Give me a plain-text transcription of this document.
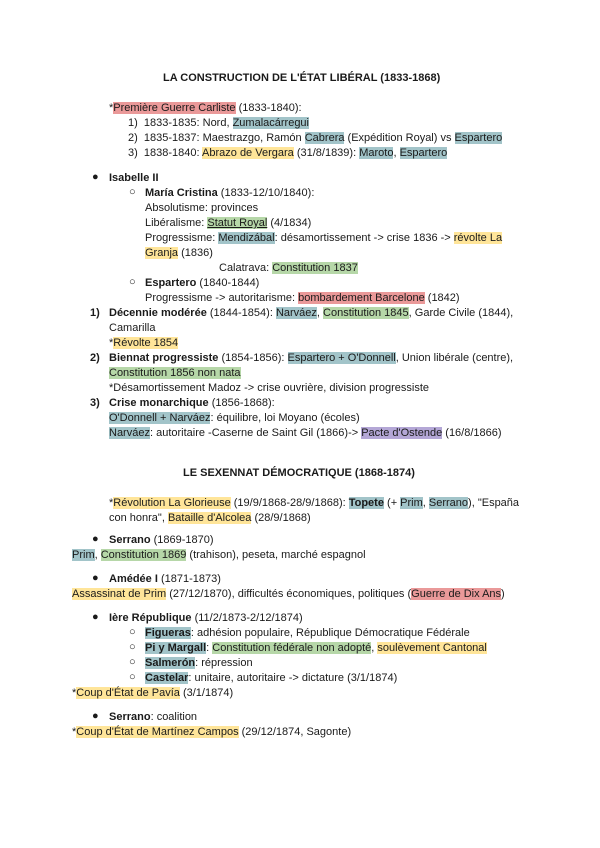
LA CONSTRUCTION DE L'ÉTAT LIBÉRAL (1833-1868)
*Première Guerre Carliste (1833-1840):
1) 1833-1835: Nord, Zumalacárregui
2) 1835-1837: Maestrazgo, Ramón Cabrera (Expédition Royal) vs Espartero
3) 1838-1840: Abrazo de Vergara (31/8/1839): Maroto, Espartero
● Isabelle II
○ María Cristina (1833-12/10/1840):
Absolutisme: provinces
Libéralisme: Statut Royal (4/1834)
Progressisme: Mendizábal: désamortissement -> crise 1836 -> révolte La
Granja (1836)
Calatrava: Constitution 1837
○ Espartero (1840-1844)
Progressisme -> autoritarisme: bombardement Barcelone (1842)
1) Décennie modérée (1844-1854): Narváez, Constitution 1845, Garde Civile (1844),
Camarilla
*Révolte 1854
2) Biennat progressiste (1854-1856): Espartero + O'Donnell, Union libérale (centre),
Constitution 1856 non nata
*Désamortissement Madoz -> crise ouvrière, division progressiste
3) Crise monarchique (1856-1868):
O'Donnell + Narváez: équilibre, loi Moyano (écoles)
Narváez: autoritaire -Caserne de Saint Gil (1866)-> Pacte d'Ostende (16/8/1866)
LE SEXENNAT DÉMOCRATIQUE (1868-1874)
*Révolution La Glorieuse (19/9/1868-28/9/1868): Topete (+ Prim, Serrano), "España
con honra", Bataille d'Alcolea (28/9/1868)
● Serrano (1869-1870)
Prim, Constitution 1869 (trahison), peseta, marché espagnol
● Amédée I (1871-1873)
Assassinat de Prim (27/12/1870), difficultés économiques, politiques (Guerre de Dix Ans)
● Ière République (11/2/1873-2/12/1874)
○ Figueras: adhésion populaire, République Démocratique Fédérale
○ Pi y Margall: Constitution fédérale non adopté, soulèvement Cantonal
○ Salmerón: répression
○ Castelar: unitaire, autoritaire -> dictature (3/1/1874)
*Coup d'État de Pavía (3/1/1874)
● Serrano: coalition
*Coup d'État de Martínez Campos (29/12/1874, Sagonte)
